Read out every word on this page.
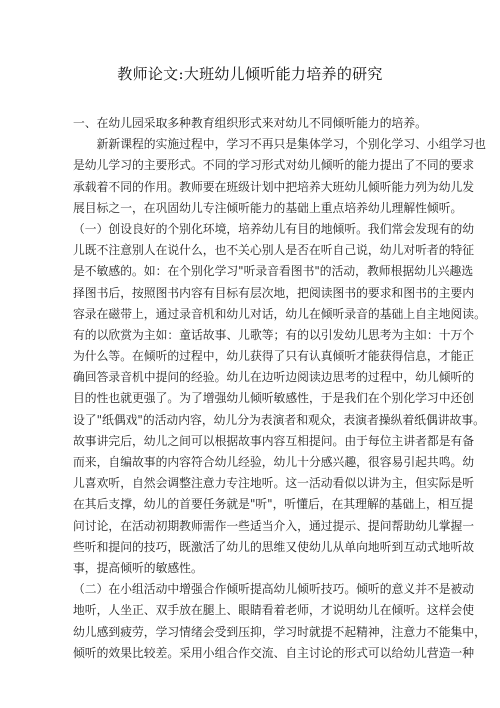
教师论文:大班幼儿倾听能力培养的研究
一、在幼儿园采取多种教育组织形式来对幼儿不同倾听能力的培养。
　　新新课程的实施过程中，学习不再只是集体学习，个别化学习、小组学习也
是幼儿学习的主要形式。不同的学习形式对幼儿倾听的能力提出了不同的要求
承载着不同的作用。教师要在班级计划中把培养大班幼儿倾听能力列为幼儿发
展目标之一，在巩固幼儿专注倾听能力的基础上重点培养幼儿理解性倾听。
（一）创设良好的个别化环境，培养幼儿有目的地倾听。我们常会发现有的幼
儿既不注意别人在说什么，也不关心别人是否在听自己说，幼儿对听者的特征
是不敏感的。如：在个别化学习"听录音看图书"的活动，教师根据幼儿兴趣选
择图书后，按照图书内容有目标有层次地，把阅读图书的要求和图书的主要内
容录在磁带上，通过录音机和幼儿对话，幼儿在倾听录音的基础上自主地阅读。
有的以欣赏为主如：童话故事、儿歌等；有的以引发幼儿思考为主如：十万个
为什么等。在倾听的过程中，幼儿获得了只有认真倾听才能获得信息，才能正
确回答录音机中提问的经验。幼儿在边听边阅读边思考的过程中，幼儿倾听的
目的性也就更强了。为了增强幼儿倾听敏感性，于是我们在个别化学习中还创
设了"纸偶戏"的活动内容，幼儿分为表演者和观众，表演者操纵着纸偶讲故事。
故事讲完后，幼儿之间可以根据故事内容互相提问。由于每位主讲者都是有备
而来，自编故事的内容符合幼儿经验，幼儿十分感兴趣，很容易引起共鸣。幼
儿喜欢听，自然会调整注意力专注地听。这一活动看似以讲为主，但实际是听
在其后支撑，幼儿的首要任务就是"听"，听懂后，在其理解的基础上，相互提
问讨论，在活动初期教师需作一些适当介入，通过提示、提问帮助幼儿掌握一
些听和提问的技巧，既激活了幼儿的思维又使幼儿从单向地听到互动式地听故
事，提高倾听的敏感性。
（二）在小组活动中增强合作倾听提高幼儿倾听技巧。倾听的意义并不是被动
地听，人坐正、双手放在腿上、眼睛看着老师，才说明幼儿在倾听。这样会使
幼儿感到疲劳，学习情绪会受到压抑，学习时就提不起精神，注意力不能集中，
倾听的效果比较差。采用小组合作交流、自主讨论的形式可以给幼儿营造一种
